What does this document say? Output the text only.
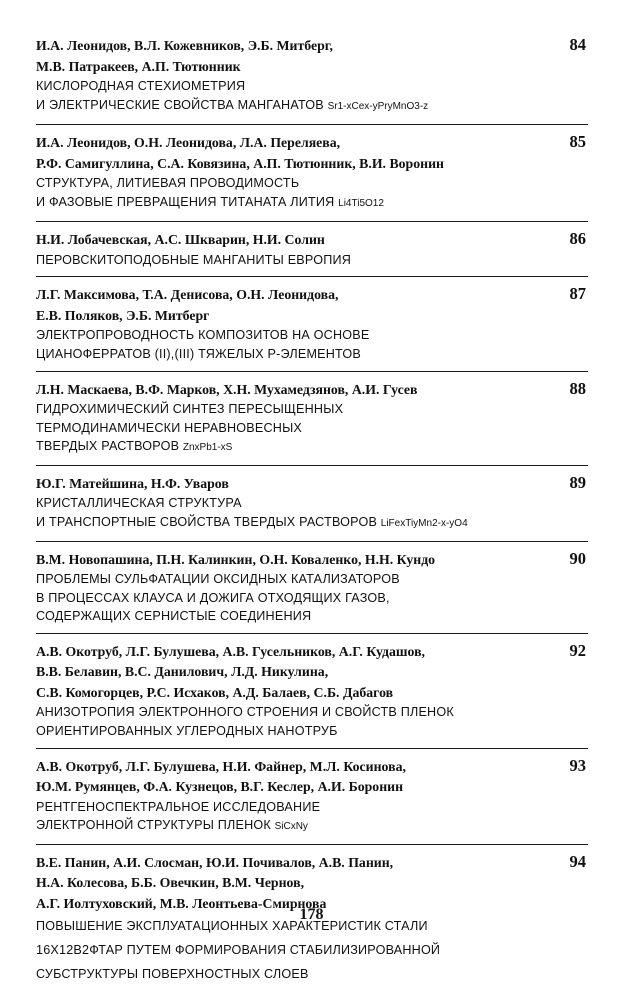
84
И.А. Леонидов, В.Л. Кожевников, Э.Б. Митберг,
М.В. Патракеев, А.П. Тютюнник
КИСЛОРОДНАЯ СТЕХИОМЕТРИЯ
И ЭЛЕКТРИЧЕСКИЕ СВОЙСТВА МАНГАНАТОВ Sr1-xCex-yPryMnO3-z
85
И.А. Леонидов, О.Н. Леонидова, Л.А. Переляева,
Р.Ф. Самигуллина, С.А. Ковязина, А.П. Тютюнник, В.И. Воронин
СТРУКТУРА, ЛИТИЕВАЯ ПРОВОДИМОСТЬ
И ФАЗОВЫЕ ПРЕВРАЩЕНИЯ ТИТАНАТА ЛИТИЯ Li4Ti5O12
86
Н.И. Лобачевская, А.С. Шкварин, Н.И. Солин
ПЕРОВСКИТОПОДОБНЫЕ МАНГАНИТЫ ЕВРОПИЯ
87
Л.Г. Максимова, Т.А. Денисова, О.Н. Леонидова,
Е.В. Поляков, Э.Б. Митберг
ЭЛЕКТРОПРОВОДНОСТЬ КОМПОЗИТОВ НА ОСНОВЕ
ЦИАНОФЕРРАТОВ (II),(III) ТЯЖЕЛЫХ P-ЭЛЕМЕНТОВ
88
Л.Н. Маскаева, В.Ф. Марков, Х.Н. Мухамедзянов, А.И. Гусев
ГИДРОХИМИЧЕСКИЙ СИНТЕЗ ПЕРЕСЫЩЕННЫХ
ТЕРМОДИНАМИЧЕСКИ НЕРАВНОВЕСНЫХ
ТВЕРДЫХ РАСТВОРОВ ZnxPb1-xS
89
Ю.Г. Матейшина, Н.Ф. Уваров
КРИСТАЛЛИЧЕСКАЯ СТРУКТУРА
И ТРАНСПОРТНЫЕ СВОЙСТВА ТВЕРДЫХ РАСТВОРОВ LiFexTiyMn2-x-yO4
90
В.М. Новопашина, П.Н. Калинкин, О.Н. Коваленко, Н.Н. Кундо
ПРОБЛЕМЫ СУЛЬФАТАЦИИ ОКСИДНЫХ КАТАЛИЗАТОРОВ
В ПРОЦЕССАХ КЛАУСА И ДОЖИГА ОТХОДЯЩИХ ГАЗОВ,
СОДЕРЖАЩИХ СЕРНИСТЫЕ СОЕДИНЕНИЯ
92
А.В. Окотруб, Л.Г. Булушева, А.В. Гусельников, А.Г. Кудашов,
В.В. Белавин, В.С. Данилович, Л.Д. Никулина,
С.В. Комогорцев, Р.С. Исхаков, А.Д. Балаев, С.Б. Дабагов
АНИЗОТРОПИЯ ЭЛЕКТРОННОГО СТРОЕНИЯ И СВОЙСТВ ПЛЕНОК
ОРИЕНТИРОВАННЫХ УГЛЕРОДНЫХ НАНОТРУБ
93
А.В. Окотруб, Л.Г. Булушева, Н.И. Файнер, М.Л. Косинова,
Ю.М. Румянцев, Ф.А. Кузнецов, В.Г. Кеслер, А.И. Боронин
РЕНТГЕНОСПЕКТРАЛЬНОЕ ИССЛЕДОВАНИЕ
ЭЛЕКТРОННОЙ СТРУКТУРЫ ПЛЕНОК SiCxNy
94
В.Е. Панин, А.И. Слосман, Ю.И. Почивалов, А.В. Панин,
Н.А. Колесова, Б.Б. Овечкин, В.М. Чернов,
А.Г. Иолтуховский, М.В. Леонтьева-Смирнова
ПОВЫШЕНИЕ ЭКСПЛУАТАЦИОННЫХ ХАРАКТЕРИСТИК СТАЛИ
16Х12В2ФТАР ПУТЕМ ФОРМИРОВАНИЯ СТАБИЛИЗИРОВАННОЙ
СУБСТРУКТУРЫ ПОВЕРХНОСТНЫХ СЛОЕВ
178
